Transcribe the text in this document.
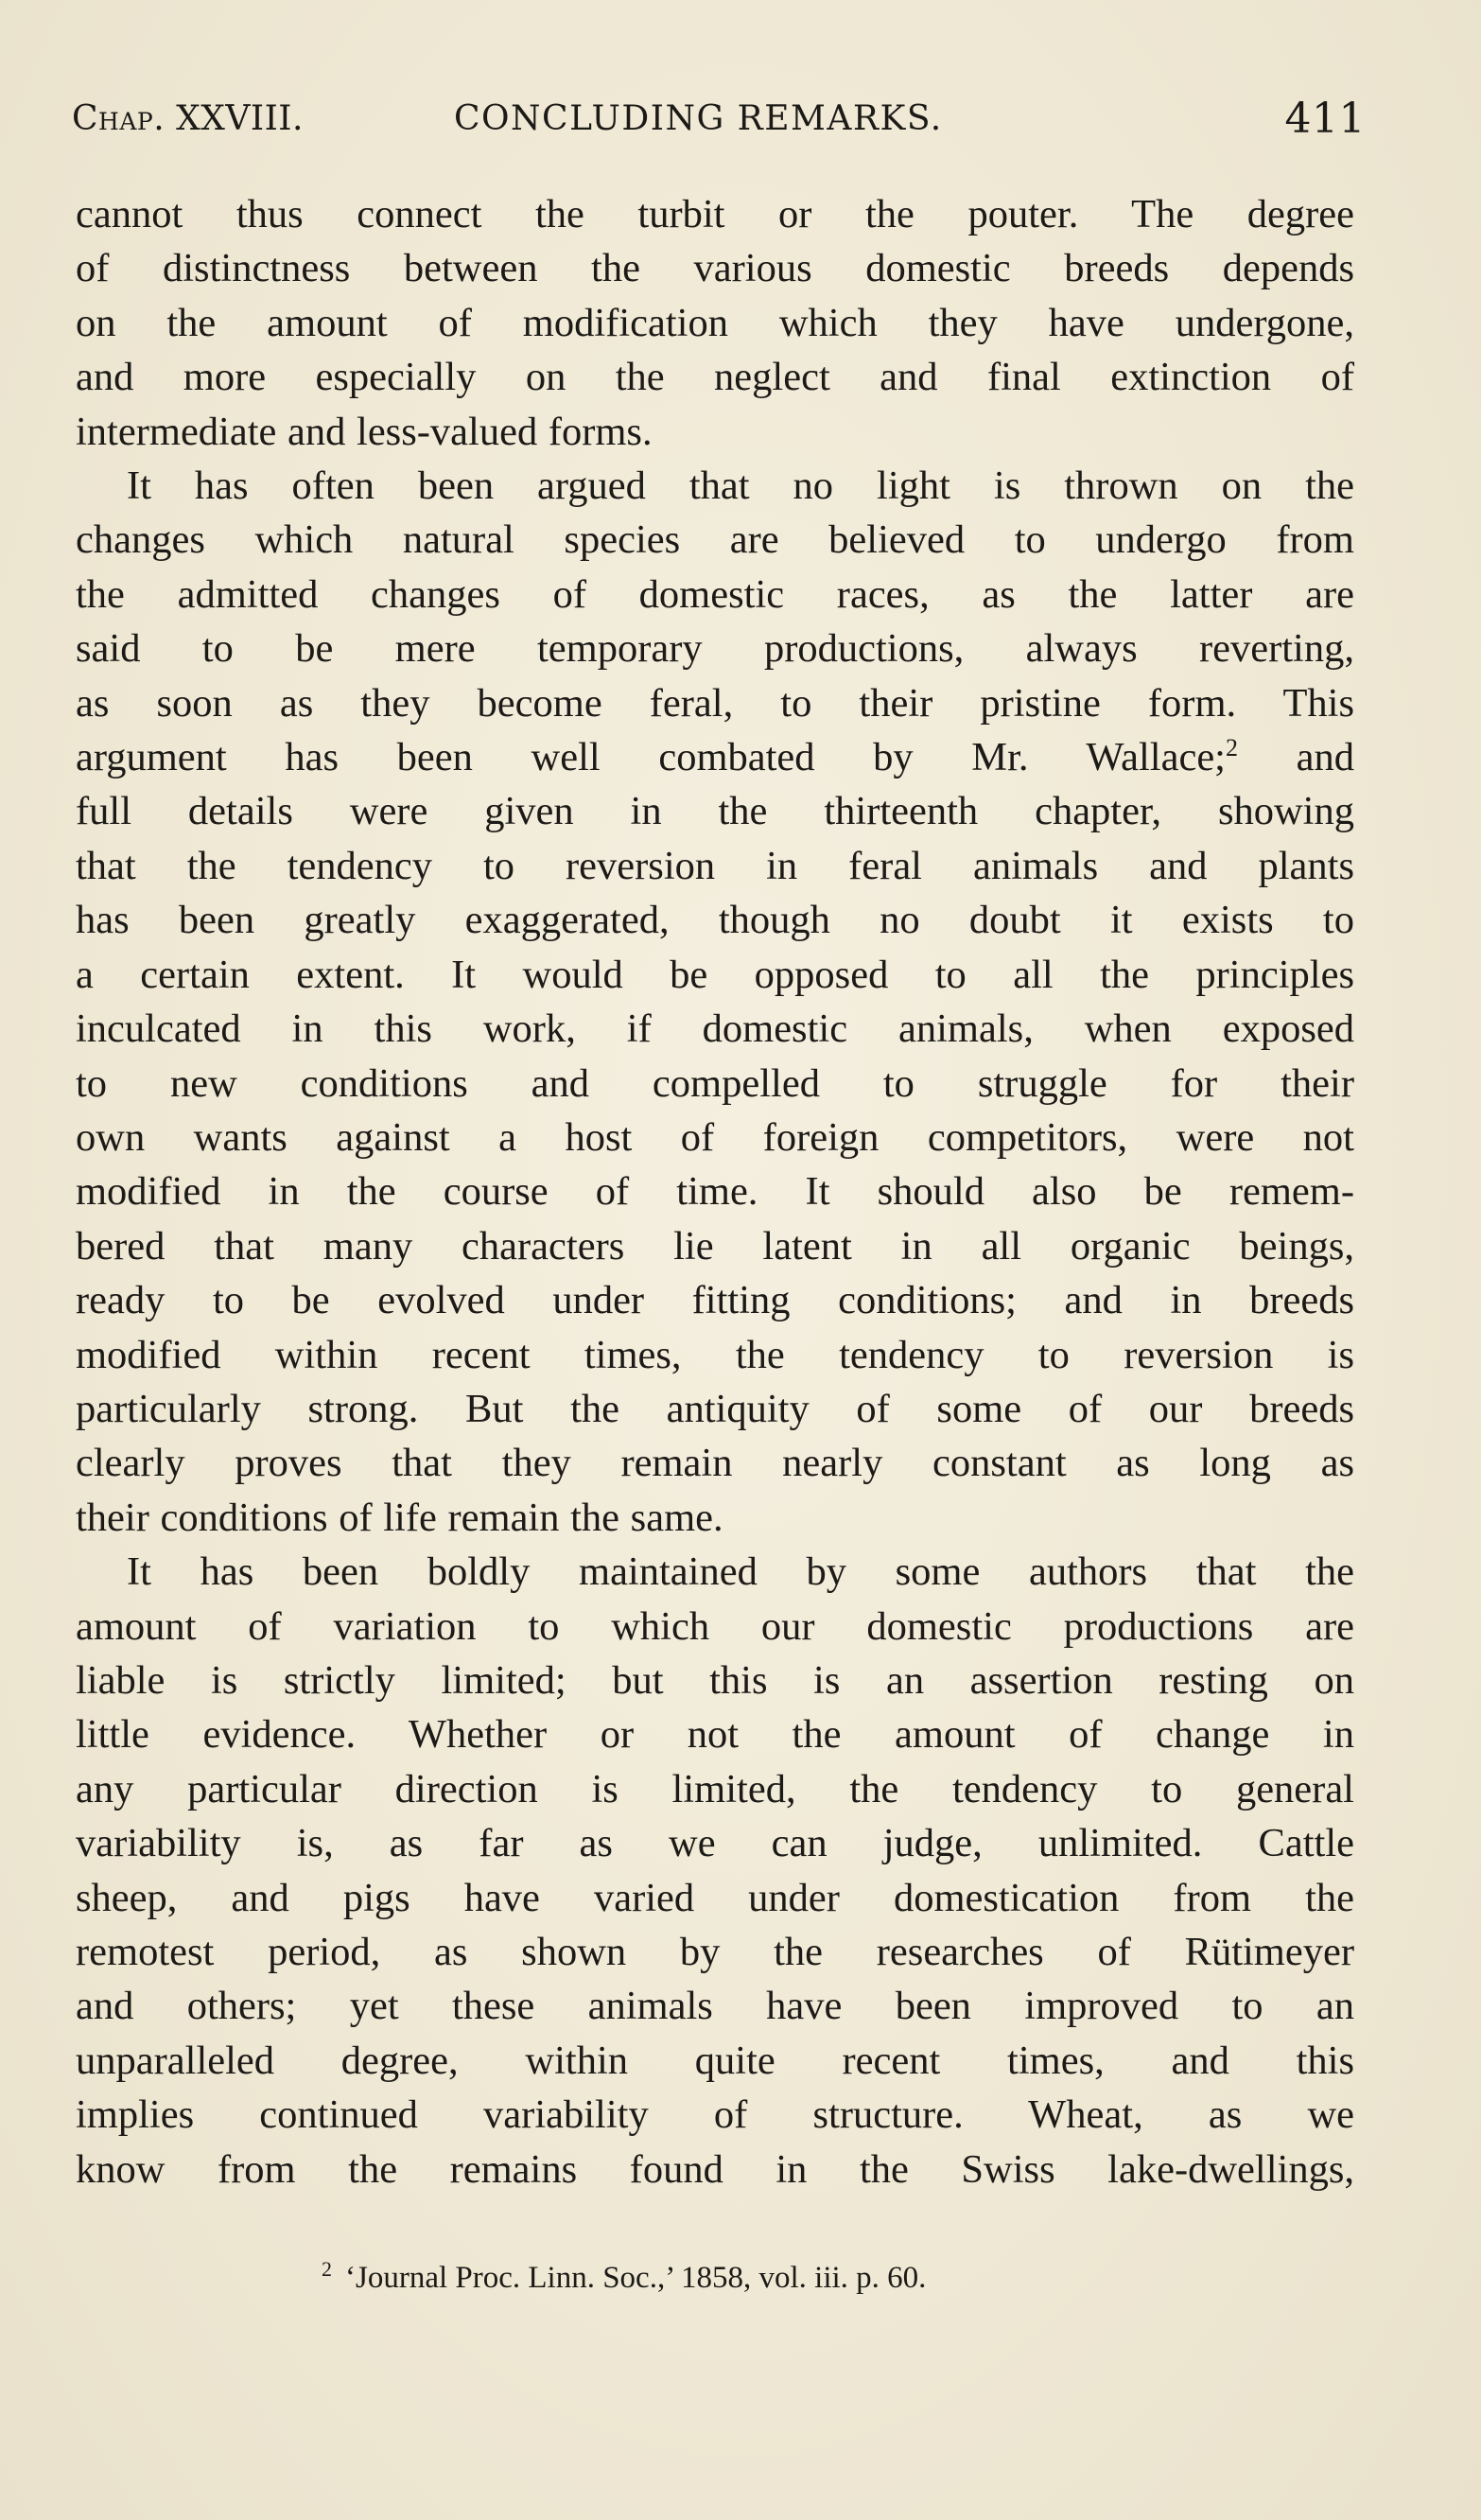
Chap. XXVIII.	CONCLUDING REMARKS.	411
cannot thus connect the turbit or the pouter. The degree
of distinctness between the various domestic breeds depends
on the amount of modification which they have undergone,
and more especially on the neglect and final extinction of
intermediate and less-valued forms.
It has often been argued that no light is thrown on the
changes which natural species are believed to undergo from
the admitted changes of domestic races, as the latter are
said to be mere temporary productions, always reverting,
as soon as they become feral, to their pristine form. This
argument has been well combated by Mr. Wallace;$^2$ and
full details were given in the thirteenth chapter, showing
that the tendency to reversion in feral animals and plants
has been greatly exaggerated, though no doubt it exists to
a certain extent. It would be opposed to all the principles
inculcated in this work, if domestic animals, when exposed
to new conditions and compelled to struggle for their
own wants against a host of foreign competitors, were not
modified in the course of time. It should also be remem-
bered that many characters lie latent in all organic beings,
ready to be evolved under fitting conditions; and in breeds
modified within recent times, the tendency to reversion is
particularly strong. But the antiquity of some of our breeds
clearly proves that they remain nearly constant as long as
their conditions of life remain the same.
It has been boldly maintained by some authors that the
amount of variation to which our domestic productions are
liable is strictly limited; but this is an assertion resting on
little evidence. Whether or not the amount of change in
any particular direction is limited, the tendency to general
variability is, as far as we can judge, unlimited. Cattle
sheep, and pigs have varied under domestication from the
remotest period, as shown by the researches of Rütimeyer
and others; yet these animals have been improved to an
unparalleled degree, within quite recent times, and this
implies continued variability of structure. Wheat, as we
know from the remains found in the Swiss lake-dwellings,
$^2$ ‘Journal Proc. Linn. Soc.,’ 1858, vol. iii. p. 60.
